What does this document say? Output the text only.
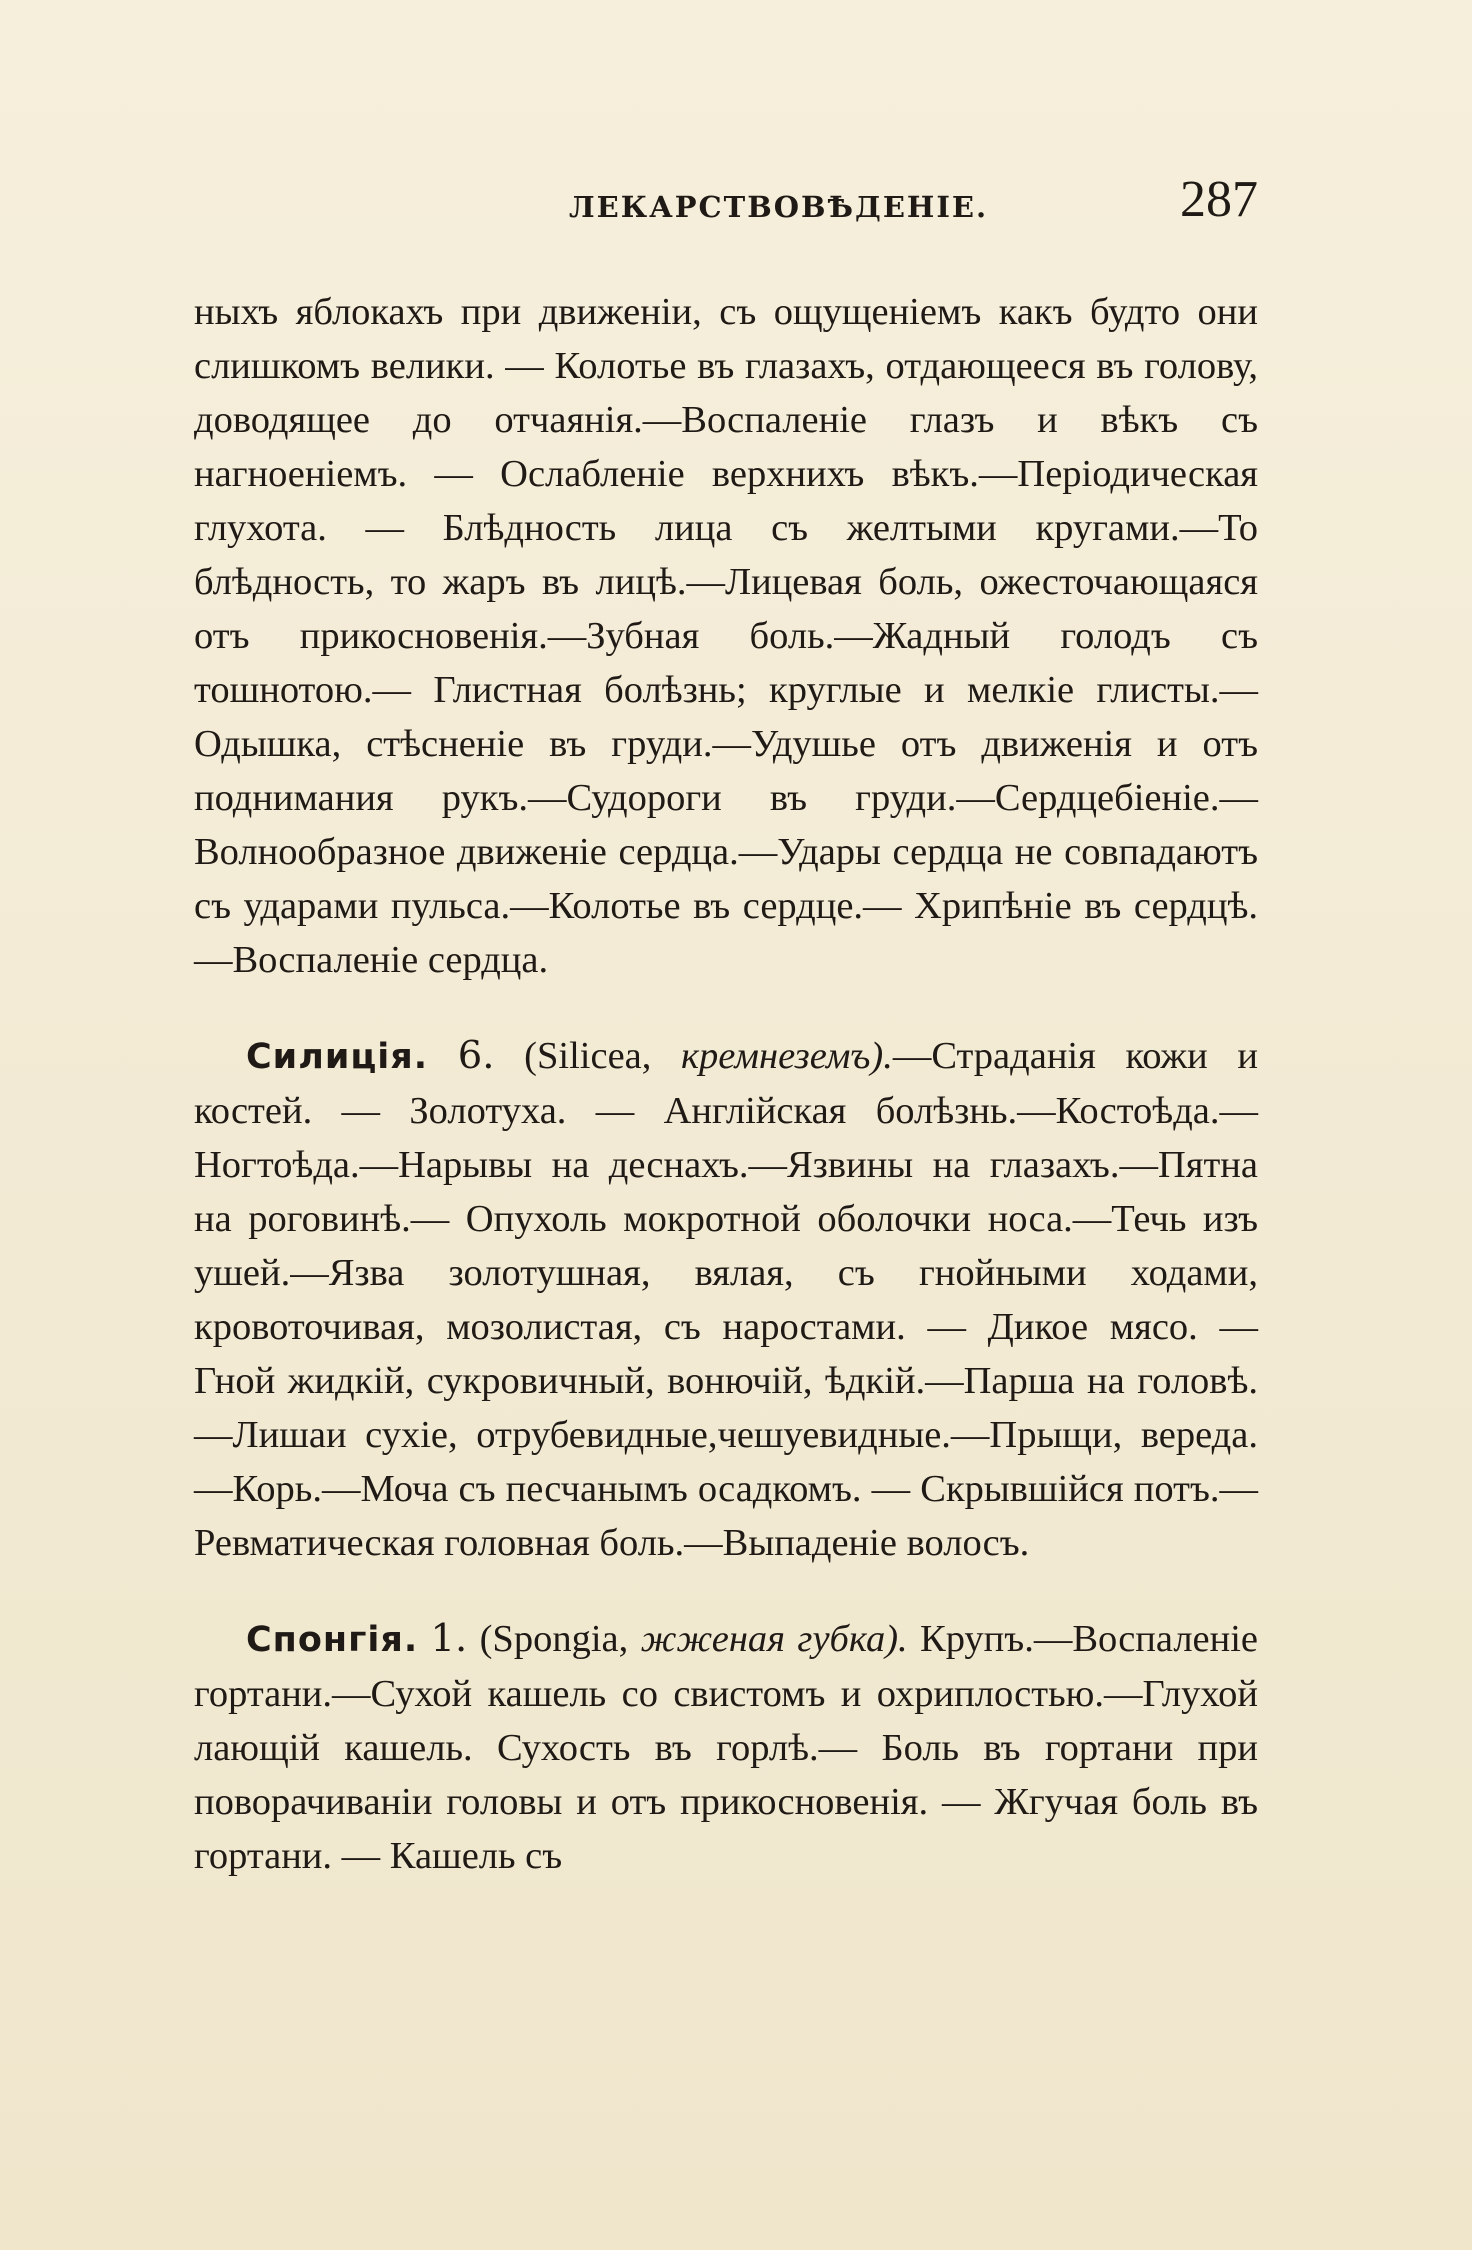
ЛЕКАРСТВОВѢДЕНІЕ.	287

ныхъ яблокахъ при движеніи, съ ощущеніемъ какъ будто они слишкомъ велики. — Колотье въ глазахъ, отдающееся въ голову, доводящее до отчаянія.—Воспаленіе глазъ и вѣкъ съ нагноеніемъ. — Ослабленіе верхнихъ вѣкъ.—Періодическая глухота. — Блѣдность лица съ желтыми кругами.—То блѣдность, то жаръ въ лицѣ.—Лицевая боль, ожесточающаяся отъ прикосновенія.—Зубная боль.—Жадный голодъ съ тошнотою.— Глистная болѣзнь; круглые и мелкіе глисты.—Одышка, стѣсненіе въ груди.—Удушье отъ движенія и отъ поднимания рукъ.—Судороги въ груди.—Сердцебіеніе.— Волнообразное движеніе сердца.—Удары сердца не совпадаютъ съ ударами пульса.—Колотье въ сердце.— Хрипѣніе въ сердцѣ.—Воспаленіе сердца.

Силиція. 6. (Silicea, кремнеземъ).—Страданія кожи и костей. — Золотуха. — Англійская болѣзнь.—Костоѣда.—Ногтоѣда.—Нарывы на деснахъ.—Язвины на глазахъ.—Пятна на роговинѣ.— Опухоль мокротной оболочки носа.—Течь изъ ушей.—Язва золотушная, вялая, съ гнойными ходами, кровоточивая, мозолистая, съ наростами. — Дикое мясо. — Гной жидкій, сукровичный, вонючій, ѣдкій.—Парша на головѣ.—Лишаи сухіе, отрубевидные,чешуевидные.—Прыщи, вереда.—Корь.—Моча съ песчанымъ осадкомъ. — Скрывшійся потъ.— Ревматическая головная боль.—Выпаденіе волосъ.

Спонгія. 1. (Spongia, жженая губка). Крупъ.—Воспаленіе гортани.—Сухой кашель со свистомъ и охриплостью.—Глухой лающій кашель. Сухость въ горлѣ.— Боль въ гортани при поворачиваніи головы и отъ прикосновенія. — Жгучая боль въ гортани. — Кашель съ
